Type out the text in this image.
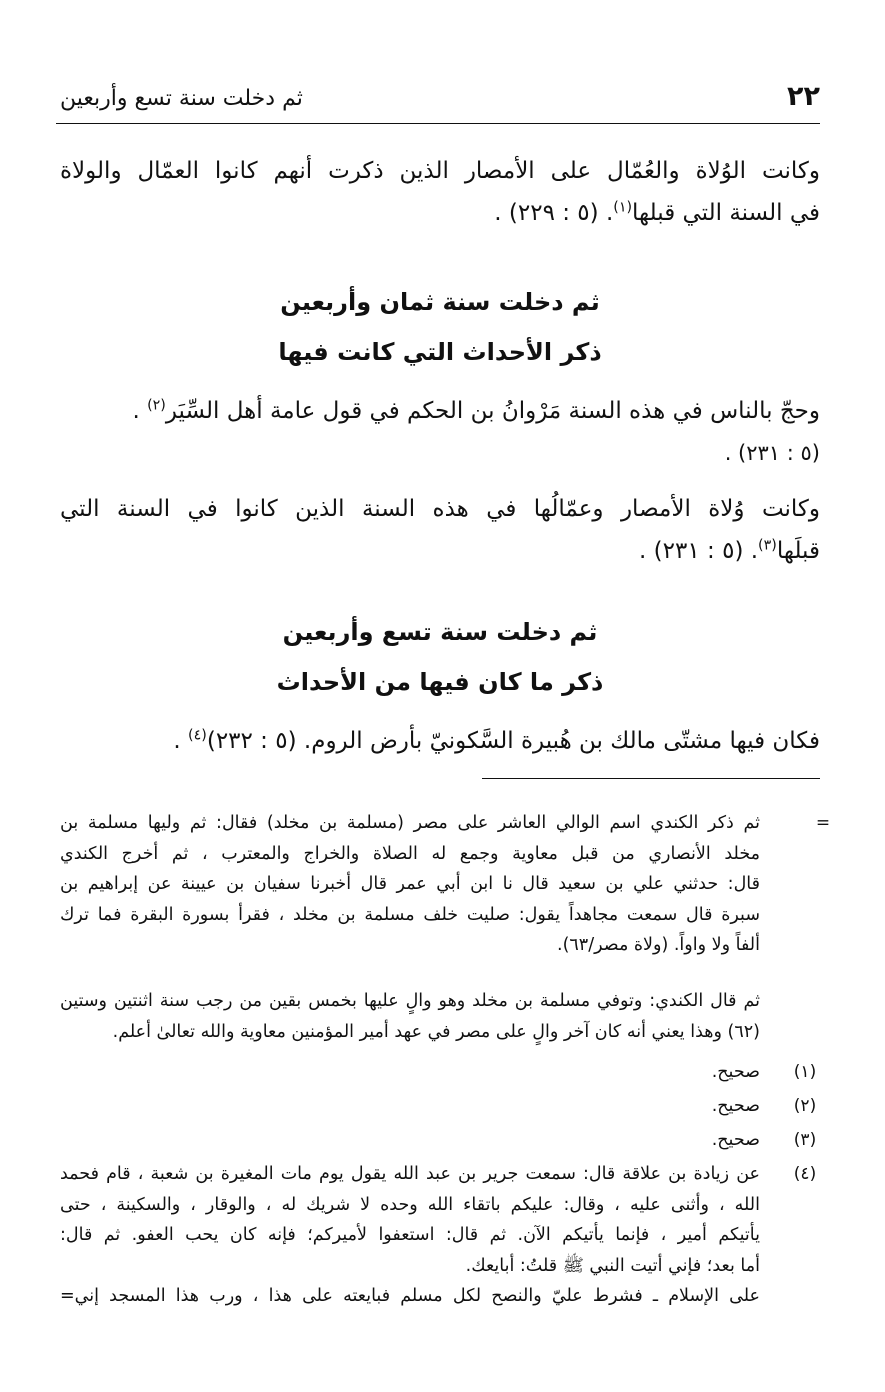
٢٢
ثم دخلت سنة تسع وأربعين
وكانت الوُلاة والعُمّال على الأمصار الذين ذكرت أنهم كانوا العمّال والولاة
في السنة التي قبلها$^{(١)}$. (٥ : ٢٢٩) .
ثم دخلت سنة ثمان وأربعين
ذكر الأحداث التي كانت فيها
وحجّ بالناس في هذه السنة مَرْوانُ بن الحكم في قول عامة أهل السِّيَر$^{(٢)}$ .
(٥ : ٢٣١) .
وكانت وُلاة الأمصار وعمّالُها في هذه السنة الذين كانوا في السنة التي
قبلَها$^{(٣)}$. (٥ : ٢٣١) .
ثم دخلت سنة تسع وأربعين
ذكر ما كان فيها من الأحداث
فكان فيها مشتّى مالك بن هُبيرة السَّكونيّ بأرض الروم. (٥ : ٢٣٢)$^{(٤)}$ .
=
ثم ذكر الكندي اسم الوالي العاشر على مصر (مسلمة بن مخلد) فقال: ثم وليها مسلمة بن
مخلد الأنصاري من قبل معاوية وجمع له الصلاة والخراج والمعترب ، ثم أخرج الكندي
قال: حدثني علي بن سعيد قال نا ابن أبي عمر قال أخبرنا سفيان بن عيينة عن إبراهيم بن
سبرة قال سمعت مجاهداً يقول: صليت خلف مسلمة بن مخلد ، فقرأ بسورة البقرة فما ترك
ألفاً ولا واواً. (ولاة مصر/٦٣).
ثم قال الكندي: وتوفي مسلمة بن مخلد وهو والٍ عليها بخمس بقين من رجب سنة اثنتين وستين
(٦٢) وهذا يعني أنه كان آخر والٍ على مصر في عهد أمير المؤمنين معاوية والله تعالىٰ أعلم.
(١)
صحيح.
(٢)
صحيح.
(٣)
صحيح.
(٤)
عن زيادة بن علاقة قال: سمعت جرير بن عبد الله يقول يوم مات المغيرة بن شعبة ، قام فحمد
الله ، وأثنى عليه ، وقال: عليكم باتقاء الله وحده لا شريك له ، والوقار ، والسكينة ، حتى
يأتيكم أمير ، فإنما يأتيكم الآن. ثم قال: استعفوا لأميركم؛ فإنه كان يحب العفو. ثم قال:
أما بعد؛ فإني أتيت النبي ﷺ قلتُ: أبايعك.
على الإسلام ـ فشرط عليّ والنصح لكل مسلم فبايعته على هذا ، ورب هذا المسجد إني=
